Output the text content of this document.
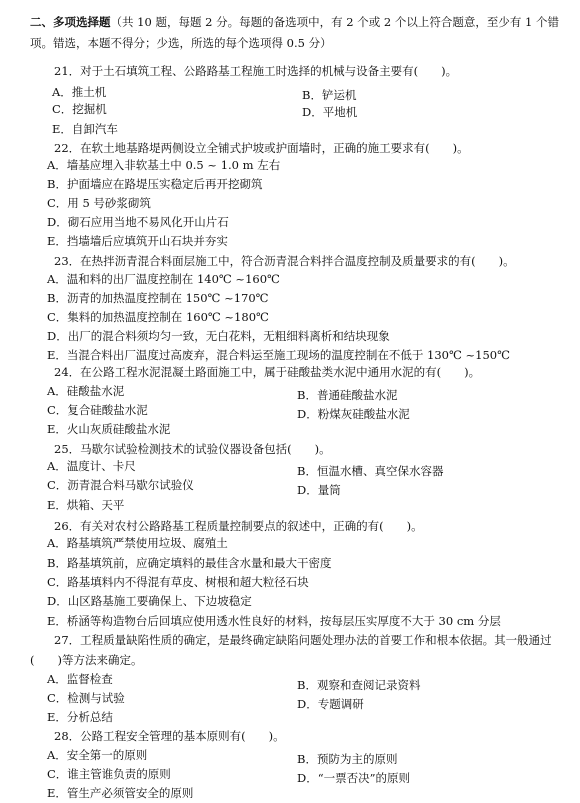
二、多项选择题（共 10 题，每题 2 分。每题的备选项中，有 2 个或 2 个以上符合题意，至少有 1 个错项。错选，本题不得分；少选，所选的每个选项得 0.5 分）
21．对于土石填筑工程、公路路基工程施工时选择的机械与设备主要有(　　)。
A．推土机	B．铲运机
C．挖掘机	D．平地机
E．自卸汽车
22．在软土地基路堤两侧设立全铺式护坡或护面墙时，正确的施工要求有(　　)。
A．墙基应埋入非软基土中 0.5 ~ 1.0 m 左右
B．护面墙应在路堤压实稳定后再开挖砌筑
C．用 5 号砂浆砌筑
D．砌石应用当地不易风化开山片石
E．挡墙墙后应填筑开山石块并夯实
23．在热拌沥青混合料面层施工中，符合沥青混合料拌合温度控制及质量要求的有(　　)。
A．温和料的出厂温度控制在 140℃ ~160℃
B．沥青的加热温度控制在 150℃ ~170℃
C．集料的加热温度控制在 160℃ ~180℃
D．出厂的混合料须均匀一致，无白花料，无粗细料离析和结块现象
E．当混合料出厂温度过高废弃，混合料运至施工现场的温度控制在不低于 130℃ ~150℃
24．在公路工程水泥混凝土路面施工中，属于硅酸盐类水泥中通用水泥的有(　　)。
A．硅酸盐水泥	B．普通硅酸盐水泥
C．复合硅酸盐水泥	D．粉煤灰硅酸盐水泥
E．火山灰质硅酸盐水泥
25．马歇尔试验检测技术的试验仪器设备包括(　　)。
A．温度计、卡尺	B．恒温水槽、真空保水容器
C．沥青混合料马歇尔试验仪	D．量筒
E．烘箱、天平
26．有关对农村公路路基工程质量控制要点的叙述中，正确的有(　　)。
A．路基填筑严禁使用垃圾、腐殖土
B．路基填筑前，应确定填料的最佳含水量和最大干密度
C．路基填料内不得混有草皮、树根和超大粒径石块
D．山区路基施工要确保上、下边坡稳定
E．桥涵等构造物台后回填应使用透水性良好的材料，按每层压实厚度不大于 30 cm 分层
27．工程质量缺陷性质的确定，是最终确定缺陷问题处理办法的首要工作和根本依据。其一般通过(　　)等方法来确定。
A．监督检查	B．观察和查阅记录资料
C．检测与试验	D．专题调研
E．分析总结
28．公路工程安全管理的基本原则有(　　)。
A．安全第一的原则	B．预防为主的原则
C．谁主管谁负责的原则	D．“一票否决”的原则
E．管生产必须管安全的原则
